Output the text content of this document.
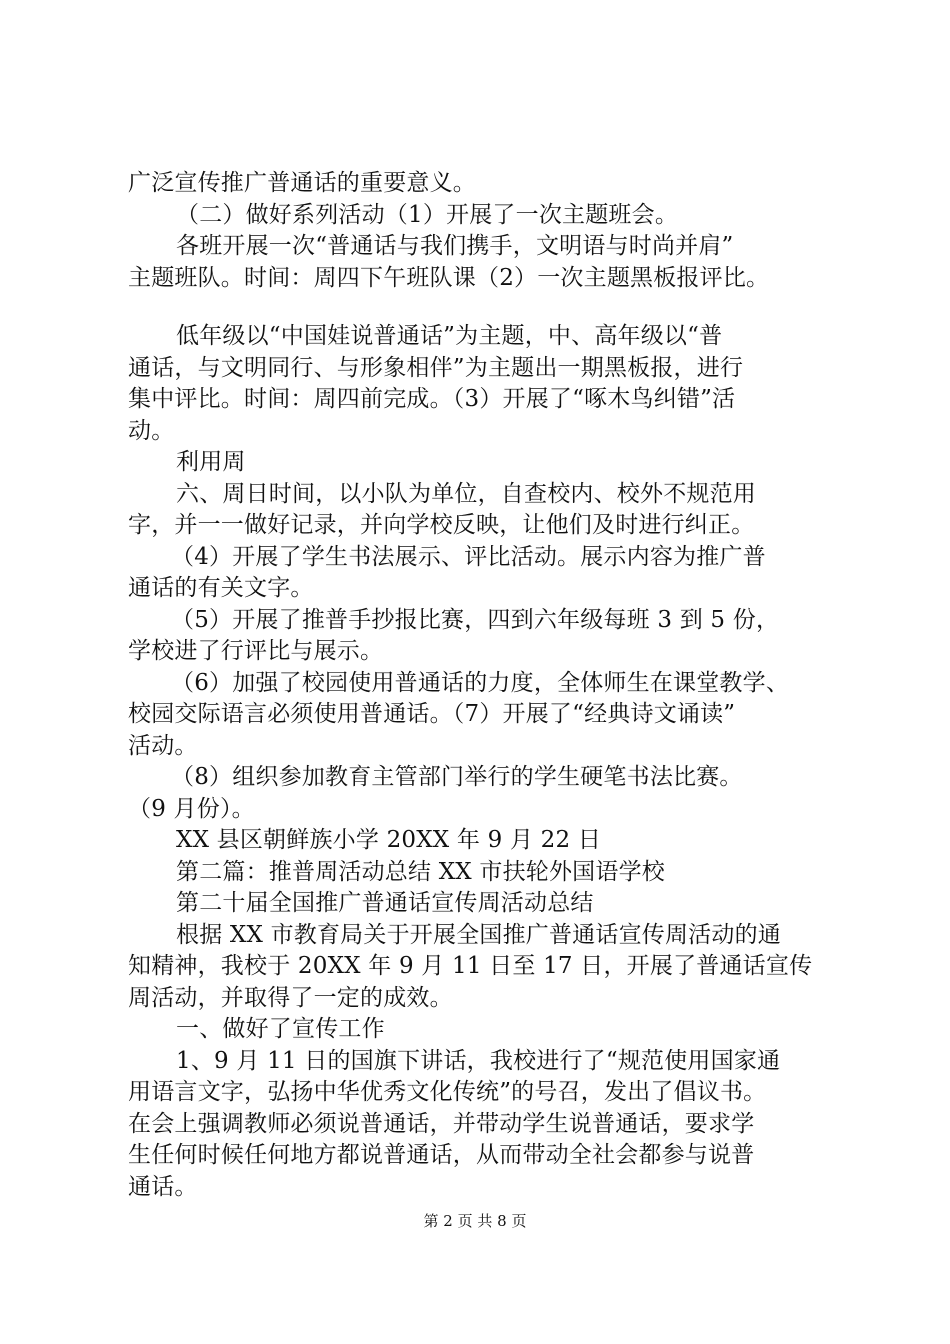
广泛宣传推广普通话的重要意义。
（二）做好系列活动（1）开展了一次主题班会。
各班开展一次“普通话与我们携手，文明语与时尚并肩”
主题班队。时间：周四下午班队课（2）一次主题黑板报评比。
低年级以“中国娃说普通话”为主题，中、高年级以“普
通话，与文明同行、与形象相伴”为主题出一期黑板报，进行
集中评比。时间：周四前完成。（3）开展了“啄木鸟纠错”活
动。
利用周
六、周日时间，以小队为单位，自查校内、校外不规范用
字，并一一做好记录，并向学校反映，让他们及时进行纠正。
（4）开展了学生书法展示、评比活动。展示内容为推广普
通话的有关文字。
（5）开展了推普手抄报比赛，四到六年级每班 3 到 5 份，
学校进了行评比与展示。
（6）加强了校园使用普通话的力度，全体师生在课堂教学、
校园交际语言必须使用普通话。（7）开展了“经典诗文诵读”
活动。
（8）组织参加教育主管部门举行的学生硬笔书法比赛。
（9 月份）。
XX 县区朝鲜族小学 20XX 年 9 月 22 日
第二篇：推普周活动总结 XX 市扶轮外国语学校
第二十届全国推广普通话宣传周活动总结
根据 XX 市教育局关于开展全国推广普通话宣传周活动的通
知精神，我校于 20XX 年 9 月 11 日至 17 日，开展了普通话宣传
周活动，并取得了一定的成效。
一、做好了宣传工作
1、9 月 11 日的国旗下讲话，我校进行了“规范使用国家通
用语言文字，弘扬中华优秀文化传统”的号召，发出了倡议书。
在会上强调教师必须说普通话，并带动学生说普通话，要求学
生任何时候任何地方都说普通话，从而带动全社会都参与说普
通话。
第 2 页 共 8 页
